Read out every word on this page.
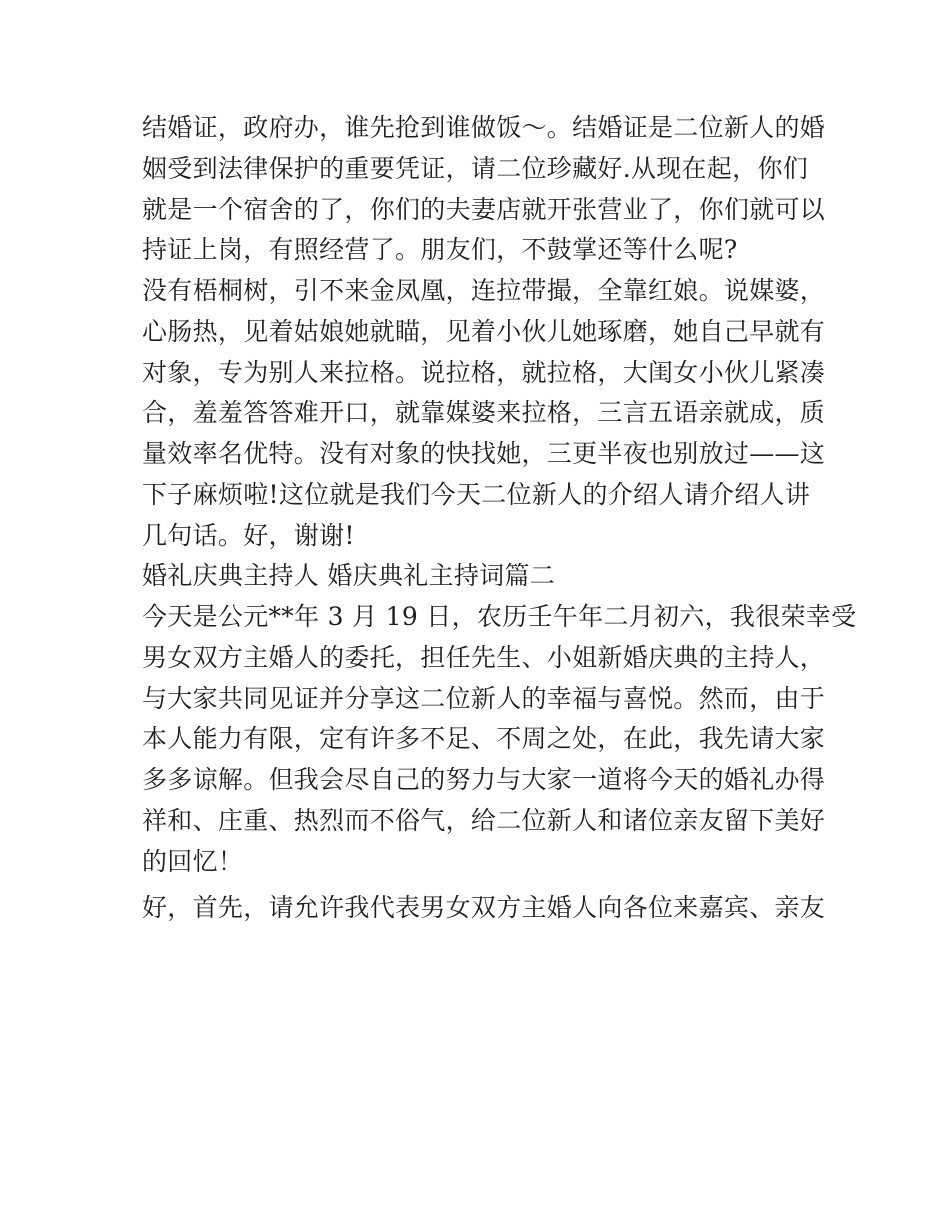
结婚证，政府办，谁先抢到谁做饭～。结婚证是二位新人的婚
姻受到法律保护的重要凭证，请二位珍藏好.从现在起，你们
就是一个宿舍的了，你们的夫妻店就开张营业了，你们就可以
持证上岗，有照经营了。朋友们，不鼓掌还等什么呢?
没有梧桐树，引不来金凤凰，连拉带撮，全靠红娘。说媒婆，
心肠热，见着姑娘她就瞄，见着小伙儿她琢磨，她自己早就有
对象，专为别人来拉格。说拉格，就拉格，大闺女小伙儿紧凑
合，羞羞答答难开口，就靠媒婆来拉格，三言五语亲就成，质
量效率名优特。没有对象的快找她，三更半夜也别放过——这
下子麻烦啦!这位就是我们今天二位新人的介绍人请介绍人讲
几句话。好，谢谢!
婚礼庆典主持人 婚庆典礼主持词篇二
今天是公元**年 3 月 19 日，农历壬午年二月初六，我很荣幸受
男女双方主婚人的委托，担任先生、小姐新婚庆典的主持人，
与大家共同见证并分享这二位新人的幸福与喜悦。然而，由于
本人能力有限，定有许多不足、不周之处，在此，我先请大家
多多谅解。但我会尽自己的努力与大家一道将今天的婚礼办得
祥和、庄重、热烈而不俗气，给二位新人和诸位亲友留下美好
的回忆！
好，首先，请允许我代表男女双方主婚人向各位来嘉宾、亲友
